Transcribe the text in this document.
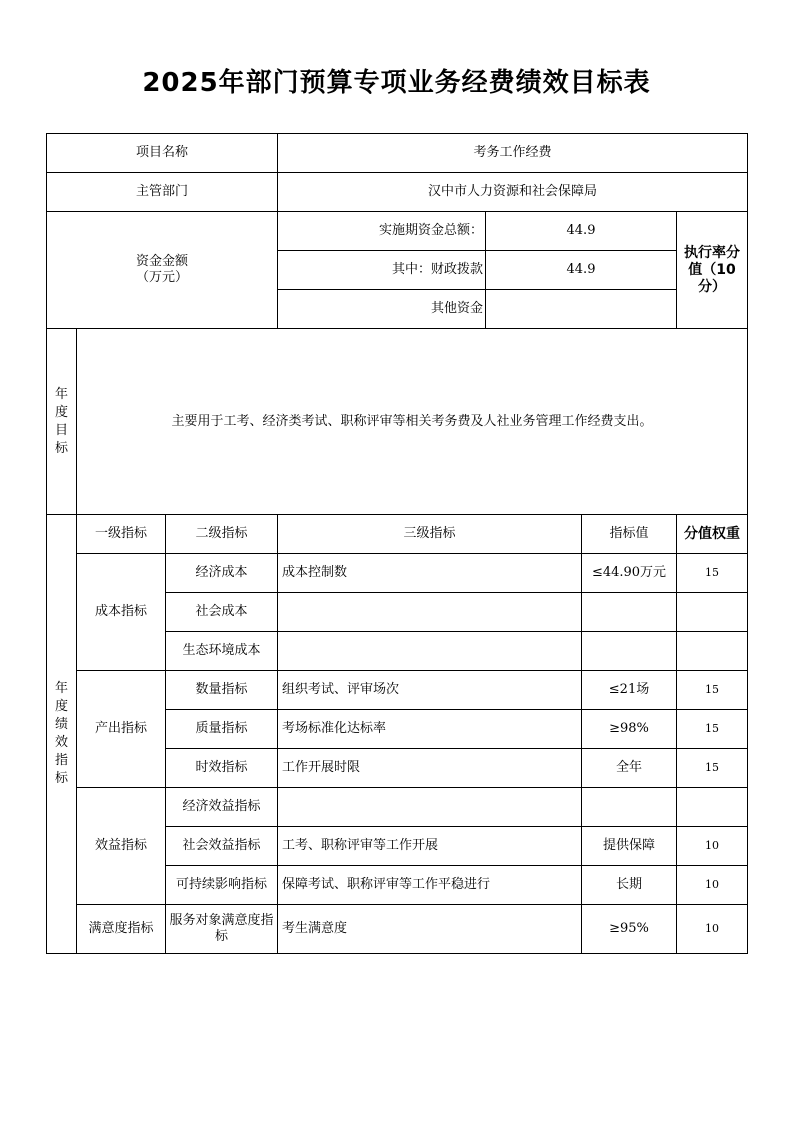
2025年部门预算专项业务经费绩效目标表
项目名称	考务工作经费		
主管部门	汉中市人力资源和社会保障局		
资金金额
（万元）	实施期资金总额：	44.9	执行率分值（10分）
	其中：财政拨款	44.9	
	其他资金		
年度目标	主要用于工考、经济类考试、职称评审等相关考务费及人社业务管理工作经费支出。
年度绩效指标	一级指标	二级指标	三级指标	指标值	分值权重
	成本指标	经济成本	成本控制数	≤44.90万元	15
		社会成本			
		生态环境成本			
	产出指标	数量指标	组织考试、评审场次	≤21场	15
		质量指标	考场标准化达标率	≥98%	15
		时效指标	工作开展时限	全年	15
	效益指标	经济效益指标			
		社会效益指标	工考、职称评审等工作开展	提供保障	10
		可持续影响指标	保障考试、职称评审等工作平稳进行	长期	10
	满意度指标	服务对象满意度指标	考生满意度	≥95%	10
